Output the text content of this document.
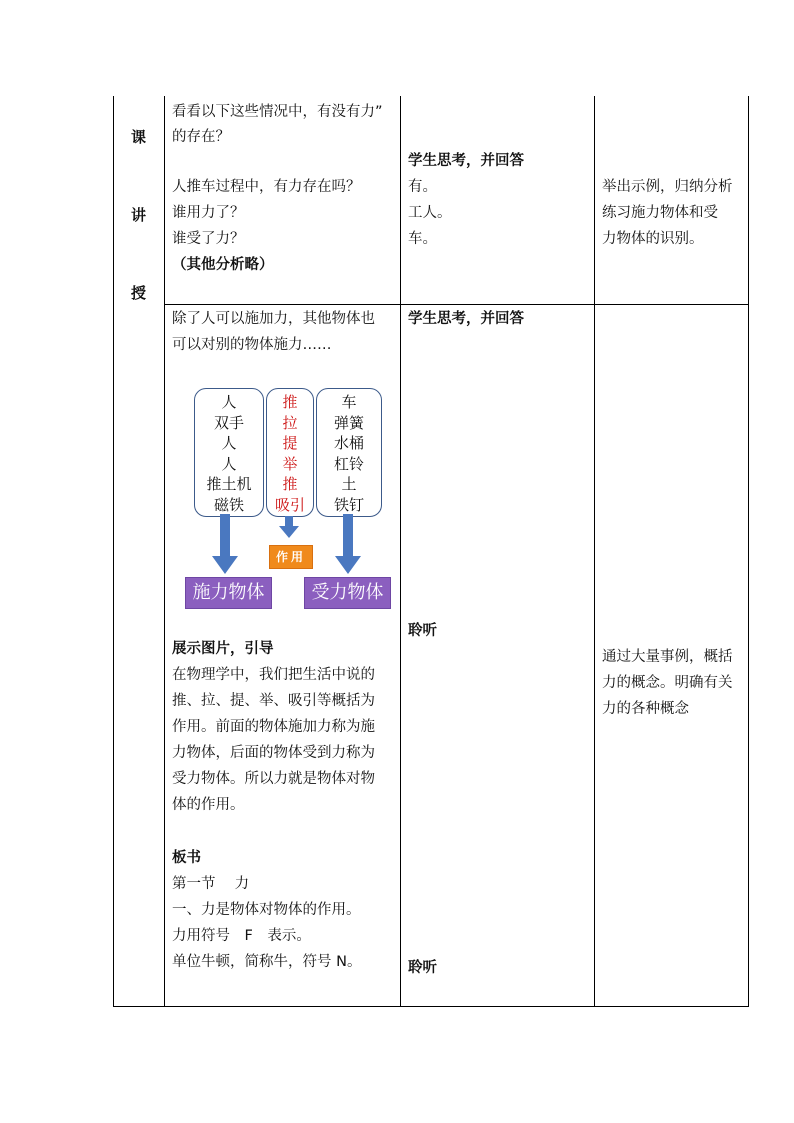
课
讲
授
看看以下这些情况中，有没有力”
的存在？
人推车过程中，有力存在吗？
谁用力了？
谁受了力？
（其他分析略）
学生思考，并回答
有。
工人。
车。
举出示例，归纳分析
练习施力物体和受
力物体的识别。
除了人可以施加力，其他物体也
可以对别的物体施力……
人
双手
人
人
推土机
磁铁
推
拉
提
举
推
吸引
车
弹簧
水桶
杠铃
土
铁钉
作用
施力物体	受力物体
展示图片，引导
在物理学中，我们把生活中说的
推、拉、提、举、吸引等概括为
作用。前面的物体施加力称为施
力物体，后面的物体受到力称为
受力物体。所以力就是物体对物
体的作用。
板书
第一节　 力
一、力是物体对物体的作用。
力用符号　F　表示。
单位牛顿，简称牛，符号 N。
学生思考，并回答
聆听
聆听
通过大量事例，概括
力的概念。明确有关
力的各种概念
